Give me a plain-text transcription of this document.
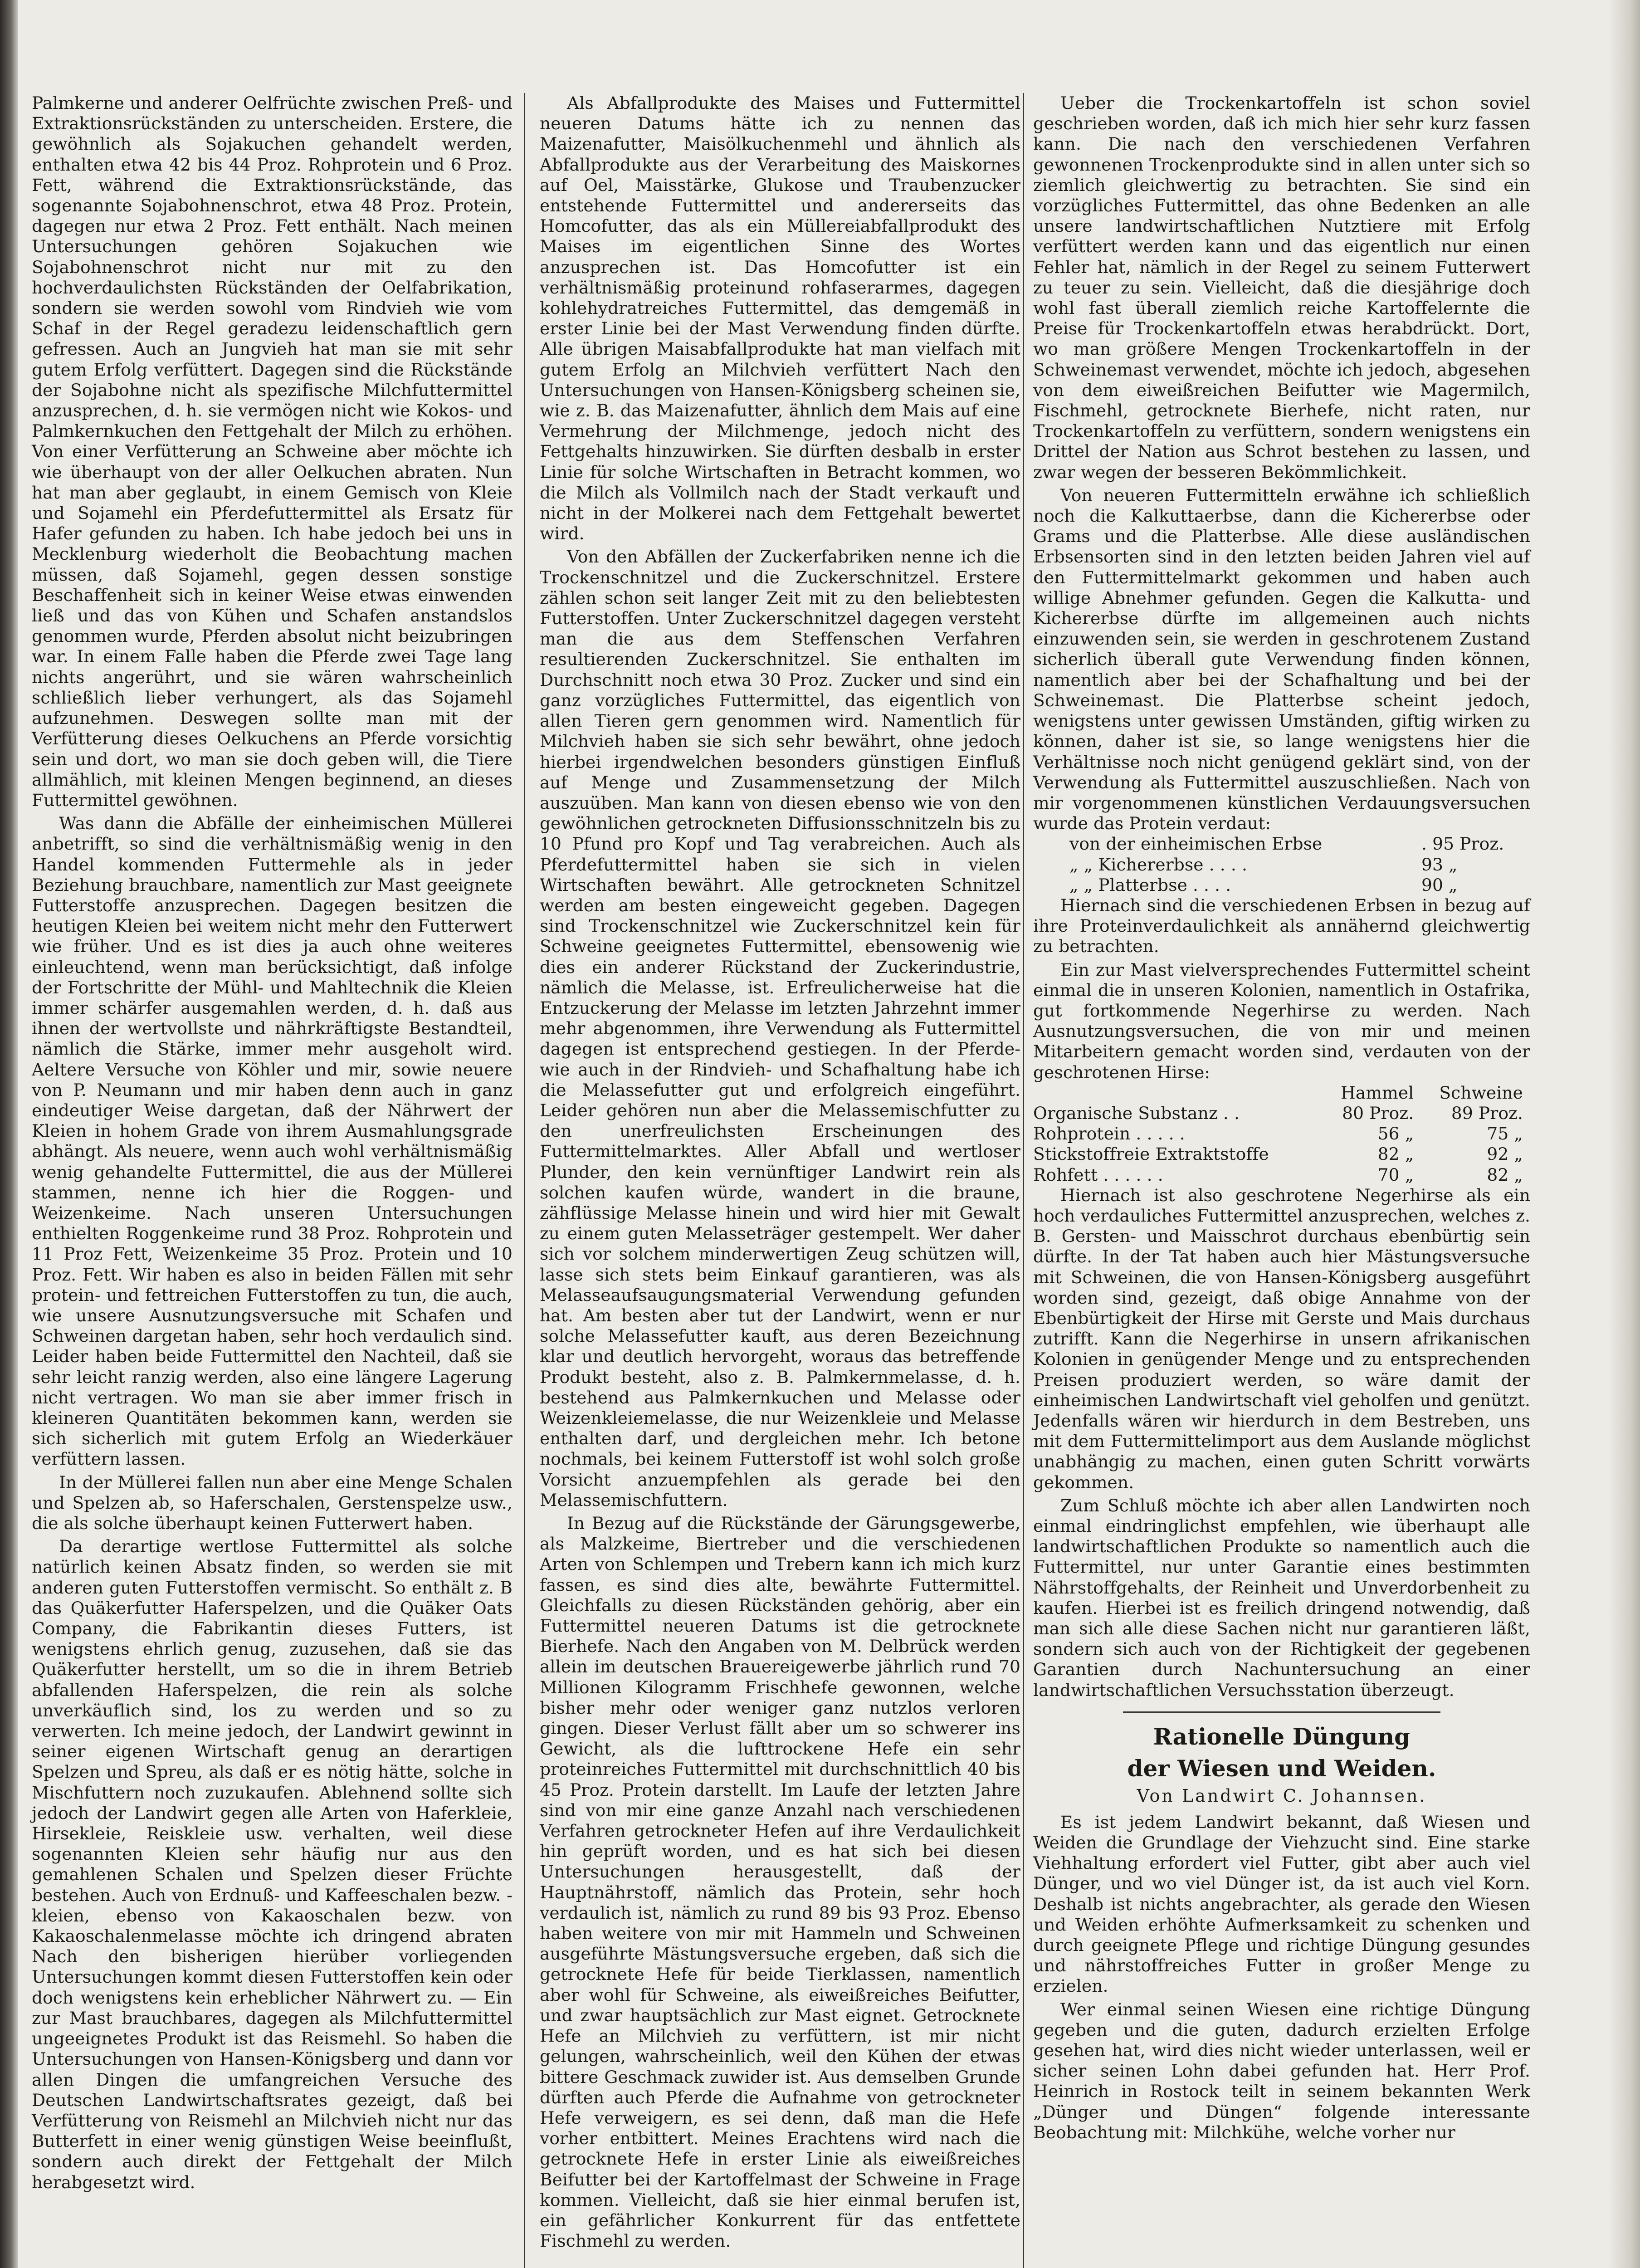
Palmkerne und anderer Oelfrüchte zwischen Preß- und Extraktionsrückständen zu unterscheiden. Erstere, die gewöhnlich als Sojakuchen gehandelt werden, enthalten etwa 42 bis 44 Proz. Rohprotein und 6 Proz. Fett, während die Extraktionsrückstände, das sogenannte Sojabohnenschrot, etwa 48 Proz. Protein, dagegen nur etwa 2 Proz. Fett enthält. Nach meinen Untersuchungen gehören Sojakuchen wie Sojabohnenschrot nicht nur mit zu den hochverdaulichsten Rückständen der Oelfabrikation, sondern sie werden sowohl vom Rindvieh wie vom Schaf in der Regel geradezu leidenschaftlich gern gefressen. Auch an Jungvieh hat man sie mit sehr gutem Erfolg verfüttert. Dagegen sind die Rückstände der Sojabohne nicht als spezifische Milchfuttermittel anzusprechen, d. h. sie vermögen nicht wie Kokos- und Palmkernkuchen den Fettgehalt der Milch zu erhöhen. Von einer Verfütterung an Schweine aber möchte ich wie überhaupt von der aller Oelkuchen abraten. Nun hat man aber geglaubt, in einem Gemisch von Kleie und Sojamehl ein Pferdefuttermittel als Ersatz für Hafer gefunden zu haben. Ich habe jedoch bei uns in Mecklenburg wiederholt die Beobachtung machen müssen, daß Sojamehl, gegen dessen sonstige Beschaffenheit sich in keiner Weise etwas einwenden ließ und das von Kühen und Schafen anstandslos genommen wurde, Pferden absolut nicht beizubringen war. In einem Falle haben die Pferde zwei Tage lang nichts angerührt, und sie wären wahrscheinlich schließlich lieber verhungert, als das Sojamehl aufzunehmen. Deswegen sollte man mit der Verfütterung dieses Oelkuchens an Pferde vorsichtig sein und dort, wo man sie doch geben will, die Tiere allmählich, mit kleinen Mengen beginnend, an dieses Futtermittel gewöhnen.

Was dann die Abfälle der einheimischen Müllerei anbetrifft, so sind die verhältnismäßig wenig in den Handel kommenden Futtermehle als in jeder Beziehung brauchbare, namentlich zur Mast geeignete Futterstoffe anzusprechen. Dagegen besitzen die heutigen Kleien bei weitem nicht mehr den Futterwert wie früher. Und es ist dies ja auch ohne weiteres einleuchtend, wenn man berücksichtigt, daß infolge der Fortschritte der Mühl- und Mahltechnik die Kleien immer schärfer ausgemahlen werden, d. h. daß aus ihnen der wertvollste und nährkräftigste Bestandteil, nämlich die Stärke, immer mehr ausgeholt wird. Aeltere Versuche von Köhler und mir, sowie neuere von P. Neumann und mir haben denn auch in ganz eindeutiger Weise dargetan, daß der Nährwert der Kleien in hohem Grade von ihrem Ausmahlungsgrade abhängt. Als neuere, wenn auch wohl verhältnismäßig wenig gehandelte Futtermittel, die aus der Müllerei stammen, nenne ich hier die Roggen- und Weizenkeime. Nach unseren Untersuchungen enthielten Roggenkeime rund 38 Proz. Rohprotein und 11 Proz Fett, Weizenkeime 35 Proz. Protein und 10 Proz. Fett. Wir haben es also in beiden Fällen mit sehr protein- und fettreichen Futterstoffen zu tun, die auch, wie unsere Ausnutzungsversuche mit Schafen und Schweinen dargetan haben, sehr hoch verdaulich sind. Leider haben beide Futtermittel den Nachteil, daß sie sehr leicht ranzig werden, also eine längere Lagerung nicht vertragen. Wo man sie aber immer frisch in kleineren Quantitäten bekommen kann, werden sie sich sicherlich mit gutem Erfolg an Wiederkäuer verfüttern lassen.

In der Müllerei fallen nun aber eine Menge Schalen und Spelzen ab, so Haferschalen, Gerstenspelze usw., die als solche überhaupt keinen Futterwert haben.

Da derartige wertlose Futtermittel als solche natürlich keinen Absatz finden, so werden sie mit anderen guten Futterstoffen vermischt. So enthält z. B das Quäkerfutter Haferspelzen, und die Quäker Oats Company, die Fabrikantin dieses Futters, ist wenigstens ehrlich genug, zuzusehen, daß sie das Quäkerfutter herstellt, um so die in ihrem Betrieb abfallenden Haferspelzen, die rein als solche unverkäuflich sind, los zu werden und so zu verwerten. Ich meine jedoch, der Landwirt gewinnt in seiner eigenen Wirtschaft genug an derartigen Spelzen und Spreu, als daß er es nötig hätte, solche in Mischfuttern noch zuzukaufen. Ablehnend sollte sich jedoch der Landwirt gegen alle Arten von Haferkleie, Hirsekleie, Reiskleie usw. verhalten, weil diese sogenannten Kleien sehr häufig nur aus den gemahlenen Schalen und Spelzen dieser Früchte bestehen. Auch von Erdnuß- und Kaffeeschalen bezw. -kleien, ebenso von Kakaoschalen bezw. von Kakaoschalenmelasse möchte ich dringend abraten Nach den bisherigen hierüber vorliegenden Untersuchungen kommt diesen Futterstoffen kein oder doch wenigstens kein erheblicher Nährwert zu. — Ein zur Mast brauchbares, dagegen als Milchfuttermittel ungeeignetes Produkt ist das Reismehl. So haben die Untersuchungen von Hansen-Königsberg und dann vor allen Dingen die umfangreichen Versuche des Deutschen Landwirtschaftsrates gezeigt, daß bei Verfütterung von Reismehl an Milchvieh nicht nur das Butterfett in einer wenig günstigen Weise beeinflußt, sondern auch direkt der Fettgehalt der Milch herabgesetzt wird.

Als Abfallprodukte des Maises und Futtermittel neueren Datums hätte ich zu nennen das Maizenafutter, Maisölkuchenmehl und ähnlich als Abfallprodukte aus der Verarbeitung des Maiskornes auf Oel, Maisstärke, Glukose und Traubenzucker entstehende Futtermittel und andererseits das Homcofutter, das als ein Müllereiabfallprodukt des Maises im eigentlichen Sinne des Wortes anzusprechen ist. Das Homcofutter ist ein verhältnismäßig proteinund rohfaserarmes, dagegen kohlehydratreiches Futtermittel, das demgemäß in erster Linie bei der Mast Verwendung finden dürfte. Alle übrigen Maisabfallprodukte hat man vielfach mit gutem Erfolg an Milchvieh verfüttert Nach den Untersuchungen von Hansen-Königsberg scheinen sie, wie z. B. das Maizenafutter, ähnlich dem Mais auf eine Vermehrung der Milchmenge, jedoch nicht des Fettgehalts hinzuwirken. Sie dürften desbalb in erster Linie für solche Wirtschaften in Betracht kommen, wo die Milch als Vollmilch nach der Stadt verkauft und nicht in der Molkerei nach dem Fettgehalt bewertet wird.

Von den Abfällen der Zuckerfabriken nenne ich die Trockenschnitzel und die Zuckerschnitzel. Erstere zählen schon seit langer Zeit mit zu den beliebtesten Futterstoffen. Unter Zuckerschnitzel dagegen versteht man die aus dem Steffenschen Verfahren resultierenden Zuckerschnitzel. Sie enthalten im Durchschnitt noch etwa 30 Proz. Zucker und sind ein ganz vorzügliches Futtermittel, das eigentlich von allen Tieren gern genommen wird. Namentlich für Milchvieh haben sie sich sehr bewährt, ohne jedoch hierbei irgendwelchen besonders günstigen Einfluß auf Menge und Zusammensetzung der Milch auszuüben. Man kann von diesen ebenso wie von den gewöhnlichen getrockneten Diffusionsschnitzeln bis zu 10 Pfund pro Kopf und Tag verabreichen. Auch als Pferdefuttermittel haben sie sich in vielen Wirtschaften bewährt. Alle getrockneten Schnitzel werden am besten eingeweicht gegeben. Dagegen sind Trockenschnitzel wie Zuckerschnitzel kein für Schweine geeignetes Futtermittel, ebensowenig wie dies ein anderer Rückstand der Zuckerindustrie, nämlich die Melasse, ist. Erfreulicherweise hat die Entzuckerung der Melasse im letzten Jahrzehnt immer mehr abgenommen, ihre Verwendung als Futtermittel dagegen ist entsprechend gestiegen. In der Pferde- wie auch in der Rindvieh- und Schafhaltung habe ich die Melassefutter gut und erfolgreich eingeführt. Leider gehören nun aber die Melassemischfutter zu den unerfreulichsten Erscheinungen des Futtermittelmarktes. Aller Abfall und wertloser Plunder, den kein vernünftiger Landwirt rein als solchen kaufen würde, wandert in die braune, zähflüssige Melasse hinein und wird hier mit Gewalt zu einem guten Melasseträger gestempelt. Wer daher sich vor solchem minderwertigen Zeug schützen will, lasse sich stets beim Einkauf garantieren, was als Melasseaufsaugungsmaterial Verwendung gefunden hat. Am besten aber tut der Landwirt, wenn er nur solche Melassefutter kauft, aus deren Bezeichnung klar und deutlich hervorgeht, woraus das betreffende Produkt besteht, also z. B. Palmkernmelasse, d. h. bestehend aus Palmkernkuchen und Melasse oder Weizenkleiemelasse, die nur Weizenkleie und Melasse enthalten darf, und dergleichen mehr. Ich betone nochmals, bei keinem Futterstoff ist wohl solch große Vorsicht anzuempfehlen als gerade bei den Melassemischfuttern.

In Bezug auf die Rückstände der Gärungsgewerbe, als Malzkeime, Biertreber und die verschiedenen Arten von Schlempen und Trebern kann ich mich kurz fassen, es sind dies alte, bewährte Futtermittel. Gleichfalls zu diesen Rückständen gehörig, aber ein Futtermittel neueren Datums ist die getrocknete Bierhefe. Nach den Angaben von M. Delbrück werden allein im deutschen Brauereigewerbe jährlich rund 70 Millionen Kilogramm Frischhefe gewonnen, welche bisher mehr oder weniger ganz nutzlos verloren gingen. Dieser Verlust fällt aber um so schwerer ins Gewicht, als die lufttrockene Hefe ein sehr proteinreiches Futtermittel mit durchschnittlich 40 bis 45 Proz. Protein darstellt. Im Laufe der letzten Jahre sind von mir eine ganze Anzahl nach verschiedenen Verfahren getrockneter Hefen auf ihre Verdaulichkeit hin geprüft worden, und es hat sich bei diesen Untersuchungen herausgestellt, daß der Hauptnährstoff, nämlich das Protein, sehr hoch verdaulich ist, nämlich zu rund 89 bis 93 Proz. Ebenso haben weitere von mir mit Hammeln und Schweinen ausgeführte Mästungsversuche ergeben, daß sich die getrocknete Hefe für beide Tierklassen, namentlich aber wohl für Schweine, als eiweißreiches Beifutter, und zwar hauptsächlich zur Mast eignet. Getrocknete Hefe an Milchvieh zu verfüttern, ist mir nicht gelungen, wahrscheinlich, weil den Kühen der etwas bittere Geschmack zuwider ist. Aus demselben Grunde dürften auch Pferde die Aufnahme von getrockneter Hefe verweigern, es sei denn, daß man die Hefe vorher entbittert. Meines Erachtens wird nach die getrocknete Hefe in erster Linie als eiweißreiches Beifutter bei der Kartoffelmast der Schweine in Frage kommen. Vielleicht, daß sie hier einmal berufen ist, ein gefährlicher Konkurrent für das entfettete Fischmehl zu werden.

Ueber die Trockenkartoffeln ist schon soviel geschrieben worden, daß ich mich hier sehr kurz fassen kann. Die nach den verschiedenen Verfahren gewonnenen Trockenprodukte sind in allen unter sich so ziemlich gleichwertig zu betrachten. Sie sind ein vorzügliches Futtermittel, das ohne Bedenken an alle unsere landwirtschaftlichen Nutztiere mit Erfolg verfüttert werden kann und das eigentlich nur einen Fehler hat, nämlich in der Regel zu seinem Futterwert zu teuer zu sein. Vielleicht, daß die diesjährige doch wohl fast überall ziemlich reiche Kartoffelernte die Preise für Trockenkartoffeln etwas herabdrückt. Dort, wo man größere Mengen Trockenkartoffeln in der Schweinemast verwendet, möchte ich jedoch, abgesehen von dem eiweißreichen Beifutter wie Magermilch, Fischmehl, getrocknete Bierhefe, nicht raten, nur Trockenkartoffeln zu verfüttern, sondern wenigstens ein Drittel der Nation aus Schrot bestehen zu lassen, und zwar wegen der besseren Bekömmlichkeit.

Von neueren Futtermitteln erwähne ich schließlich noch die Kalkuttaerbse, dann die Kichererbse oder Grams und die Platterbse. Alle diese ausländischen Erbsensorten sind in den letzten beiden Jahren viel auf den Futtermittelmarkt gekommen und haben auch willige Abnehmer gefunden. Gegen die Kalkutta- und Kichererbse dürfte im allgemeinen auch nichts einzuwenden sein, sie werden in geschrotenem Zustand sicherlich überall gute Verwendung finden können, namentlich aber bei der Schafhaltung und bei der Schweinemast. Die Platterbse scheint jedoch, wenigstens unter gewissen Umständen, giftig wirken zu können, daher ist sie, so lange wenigstens hier die Verhältnisse noch nicht genügend geklärt sind, von der Verwendung als Futtermittel auszuschließen. Nach von mir vorgenommenen künstlichen Verdauungsversuchen wurde das Protein verdaut:

von der einheimischen Erbse	. 95 Proz.
„ „ Kichererbse . . . .	93 „
„ „ Platterbse . . . .	90 „

Hiernach sind die verschiedenen Erbsen in bezug auf ihre Proteinverdaulichkeit als annähernd gleichwertig zu betrachten.

Ein zur Mast vielversprechendes Futtermittel scheint einmal die in unseren Kolonien, namentlich in Ostafrika, gut fortkommende Negerhirse zu werden. Nach Ausnutzungsversuchen, die von mir und meinen Mitarbeitern gemacht worden sind, verdauten von der geschrotenen Hirse:

	Hammel	Schweine
Organische Substanz . .	80 Proz.	89 Proz.
Rohprotein . . . . .	56 „	75 „
Stickstoffreie Extraktstoffe	82 „	92 „
Rohfett . . . . . .	70 „	82 „

Hiernach ist also geschrotene Negerhirse als ein hoch verdauliches Futtermittel anzusprechen, welches z. B. Gersten- und Maisschrot durchaus ebenbürtig sein dürfte. In der Tat haben auch hier Mästungsversuche mit Schweinen, die von Hansen-Königsberg ausgeführt worden sind, gezeigt, daß obige Annahme von der Ebenbürtigkeit der Hirse mit Gerste und Mais durchaus zutrifft. Kann die Negerhirse in unsern afrikanischen Kolonien in genügender Menge und zu entsprechenden Preisen produziert werden, so wäre damit der einheimischen Landwirtschaft viel geholfen und genützt. Jedenfalls wären wir hierdurch in dem Bestreben, uns mit dem Futtermittelimport aus dem Auslande möglichst unabhängig zu machen, einen guten Schritt vorwärts gekommen.

Zum Schluß möchte ich aber allen Landwirten noch einmal eindringlichst empfehlen, wie überhaupt alle landwirtschaftlichen Produkte so namentlich auch die Futtermittel, nur unter Garantie eines bestimmten Nährstoffgehalts, der Reinheit und Unverdorbenheit zu kaufen. Hierbei ist es freilich dringend notwendig, daß man sich alle diese Sachen nicht nur garantieren läßt, sondern sich auch von der Richtigkeit der gegebenen Garantien durch Nachuntersuchung an einer landwirtschaftlichen Versuchsstation überzeugt.

Rationelle Düngung
der Wiesen und Weiden.
Von Landwirt C. Johannsen.

Es ist jedem Landwirt bekannt, daß Wiesen und Weiden die Grundlage der Viehzucht sind. Eine starke Viehhaltung erfordert viel Futter, gibt aber auch viel Dünger, und wo viel Dünger ist, da ist auch viel Korn. Deshalb ist nichts angebrachter, als gerade den Wiesen und Weiden erhöhte Aufmerksamkeit zu schenken und durch geeignete Pflege und richtige Düngung gesundes und nährstoffreiches Futter in großer Menge zu erzielen.

Wer einmal seinen Wiesen eine richtige Düngung gegeben und die guten, dadurch erzielten Erfolge gesehen hat, wird dies nicht wieder unterlassen, weil er sicher seinen Lohn dabei gefunden hat. Herr Prof. Heinrich in Rostock teilt in seinem bekannten Werk „Dünger und Düngen“ folgende interessante Beobachtung mit: Milchkühe, welche vorher nur
